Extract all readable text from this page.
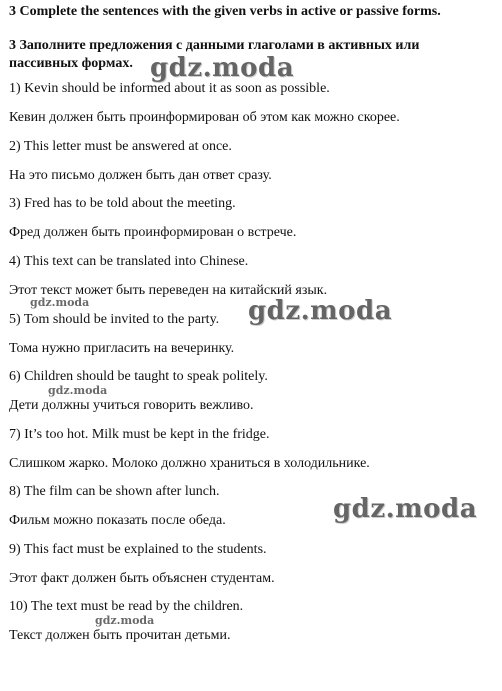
3 Complete the sentences with the given verbs in active or passive forms.

3 Заполните предложения с данными глаголами в активных или пассивных формах.

1) Kevin should be informed about it as soon as possible.

Кевин должен быть проинформирован об этом как можно скорее.

2) This letter must be answered at once.

На это письмо должен быть дан ответ сразу.

3) Fred has to be told about the meeting.

Фред должен быть проинформирован о встрече.

4) This text can be translated into Chinese.

Этот текст может быть переведен на китайский язык.

5) Tom should be invited to the party.

Тома нужно пригласить на вечеринку.

6) Children should be taught to speak politely.

Дети должны учиться говорить вежливо.

7) It’s too hot. Milk must be kept in the fridge.

Слишком жарко. Молоко должно храниться в холодильнике.

8) The film can be shown after lunch.

Фильм можно показать после обеда.

9) This fact must be explained to the students.

Этот факт должен быть объяснен студентам.

10) The text must be read by the children.

Текст должен быть прочитан детьми.

gdz.moda
gdz.moda
gdz.moda
gdz.moda
gdz.moda
gdz.moda
